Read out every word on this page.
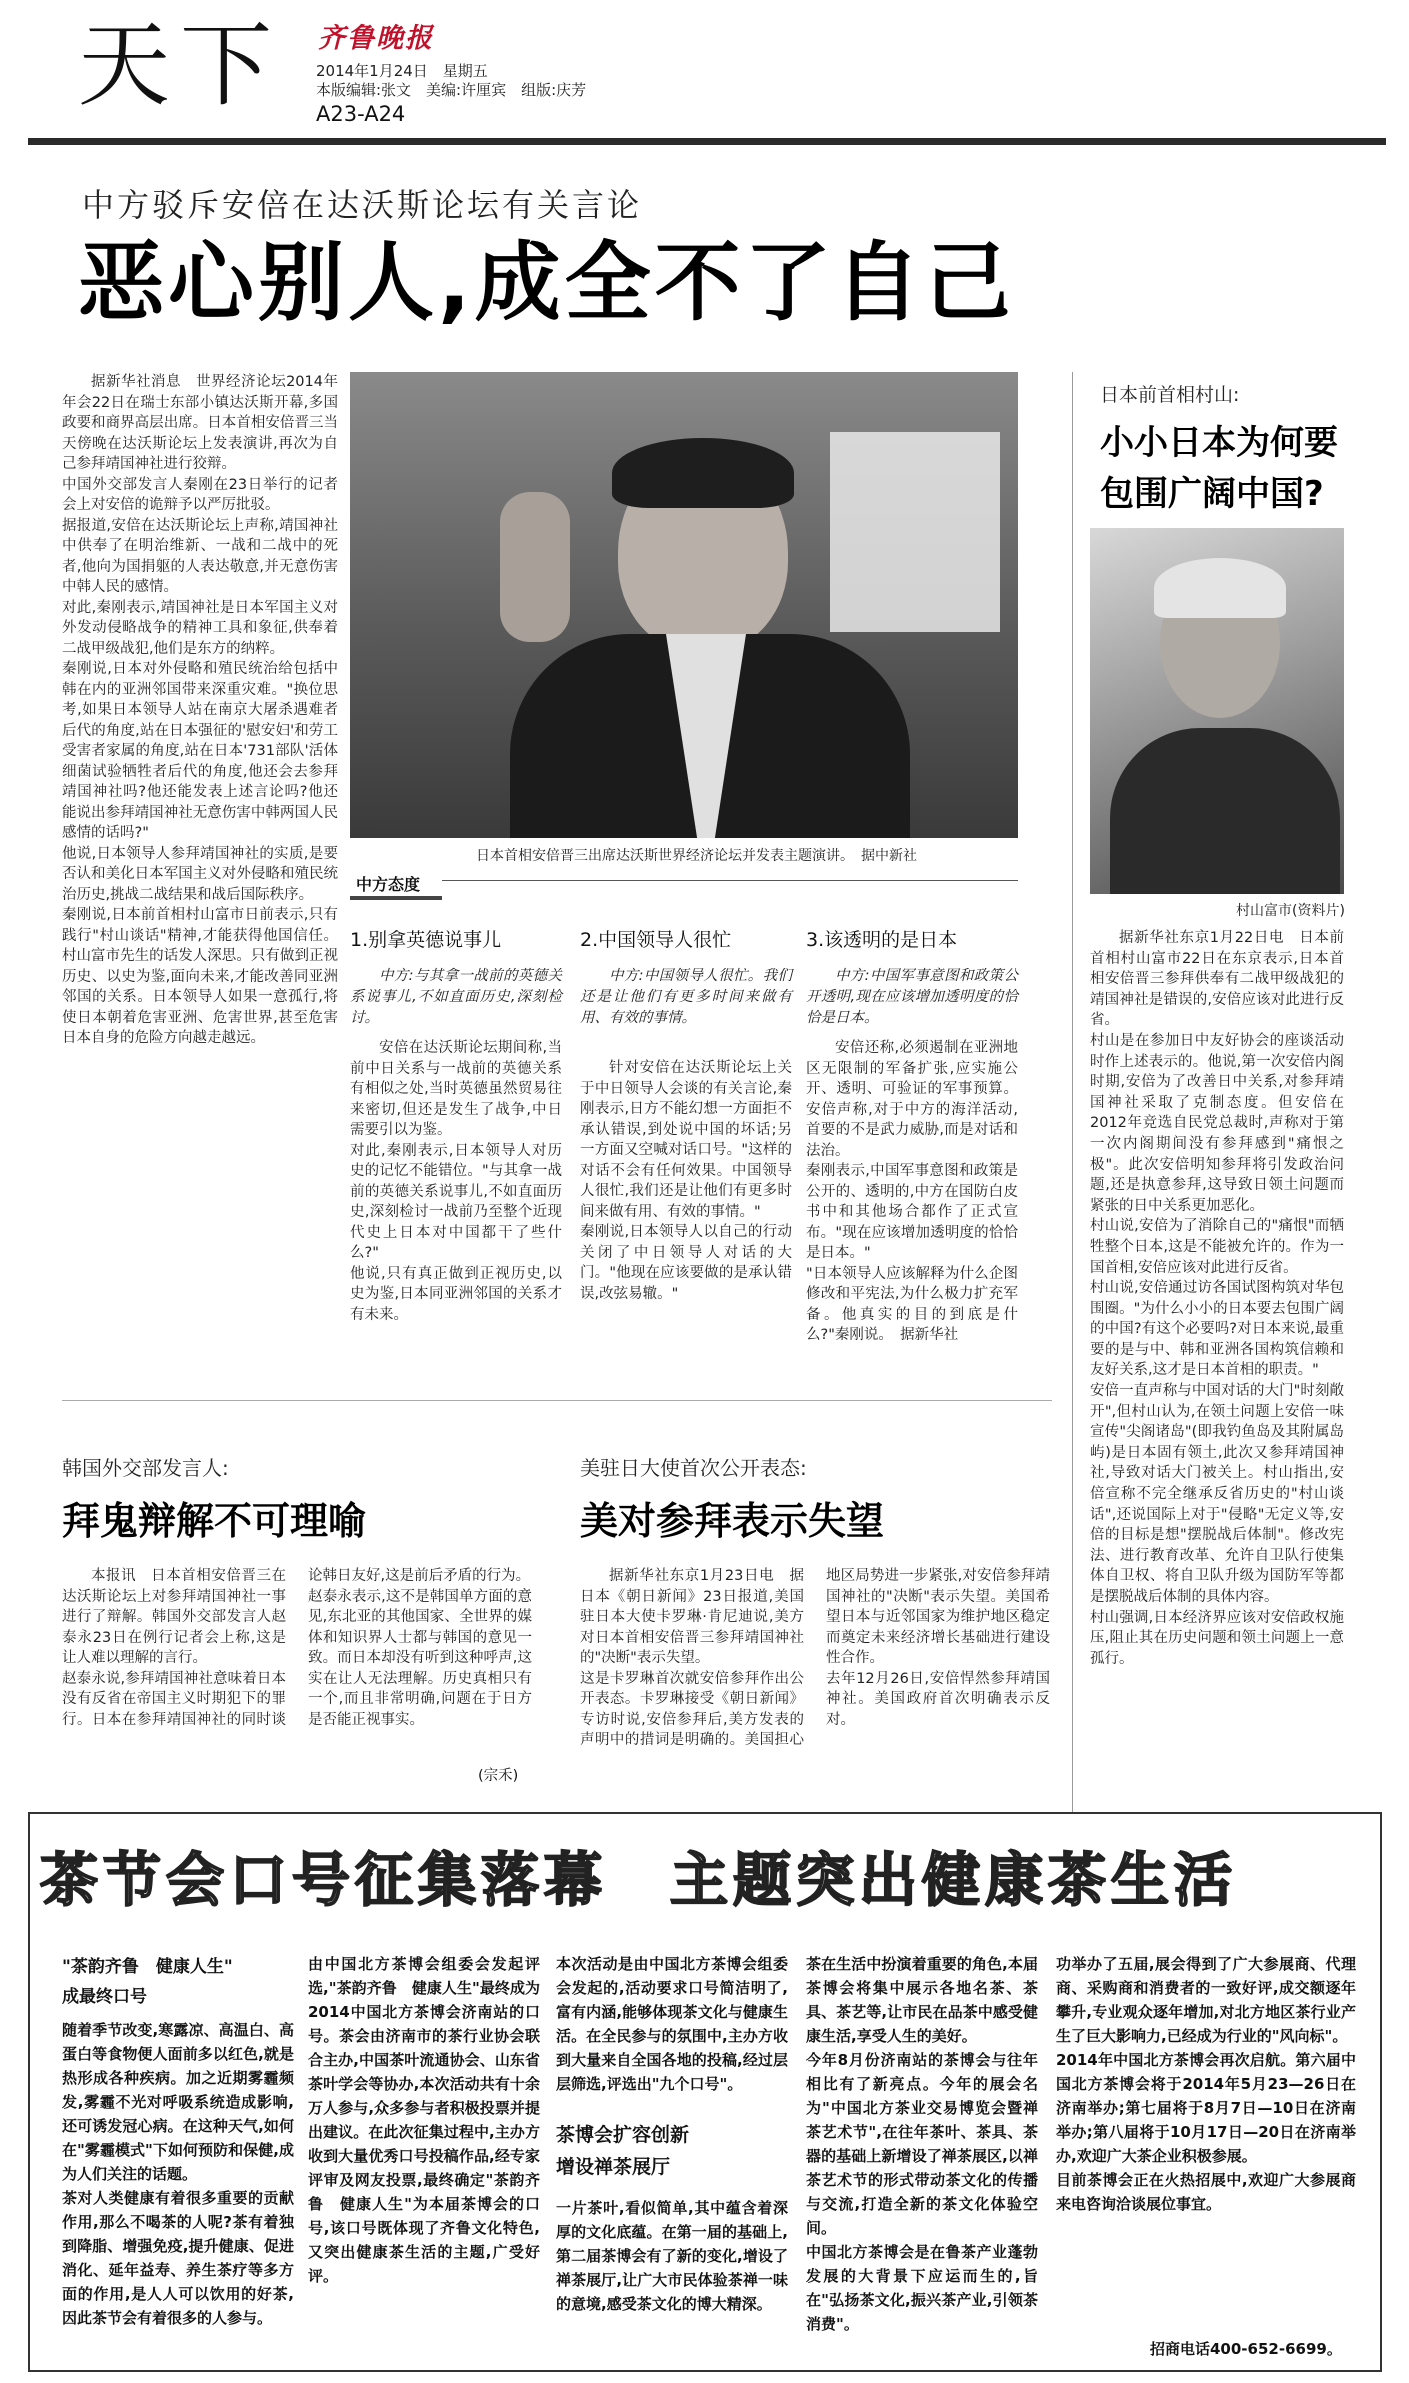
天下 齐鲁晚报
2014年1月24日　星期五
本版编辑:张文　美编:许厘宾　组版:庆芳
A23-A24
中方驳斥安倍在达沃斯论坛有关言论
恶心别人,成全不了自己

据新华社消息　世界经济论坛2014年年会22日在瑞士东部小镇达沃斯开幕,多国政要和商界高层出席。日本首相安倍晋三当天傍晚在达沃斯论坛上发表演讲,再次为自己参拜靖国神社进行狡辩。
中国外交部发言人秦刚在23日举行的记者会上对安倍的诡辩予以严厉批驳。
据报道,安倍在达沃斯论坛上声称,靖国神社中供奉了在明治维新、一战和二战中的死者,他向为国捐躯的人表达敬意,并无意伤害中韩人民的感情。
对此,秦刚表示,靖国神社是日本军国主义对外发动侵略战争的精神工具和象征,供奉着二战甲级战犯,他们是东方的纳粹。
秦刚说,日本对外侵略和殖民统治给包括中韩在内的亚洲邻国带来深重灾难。"换位思考,如果日本领导人站在南京大屠杀遇难者后代的角度,站在日本强征的'慰安妇'和劳工受害者家属的角度,站在日本'731部队'活体细菌试验牺牲者后代的角度,他还会去参拜靖国神社吗?他还能发表上述言论吗?他还能说出参拜靖国神社无意伤害中韩两国人民感情的话吗?"
他说,日本领导人参拜靖国神社的实质,是要否认和美化日本军国主义对外侵略和殖民统治历史,挑战二战结果和战后国际秩序。
秦刚说,日本前首相村山富市日前表示,只有践行"村山谈话"精神,才能获得他国信任。村山富市先生的话发人深思。只有做到正视历史、以史为鉴,面向未来,才能改善同亚洲邻国的关系。日本领导人如果一意孤行,将使日本朝着危害亚洲、危害世界,甚至危害日本自身的危险方向越走越远。

日本首相安倍晋三出席达沃斯世界经济论坛并发表主题演讲。　据中新社
中方态度
1.别拿英德说事儿

中方:与其拿一战前的英德关系说事儿,不如直面历史,深刻检讨。

安倍在达沃斯论坛期间称,当前中日关系与一战前的英德关系有相似之处,当时英德虽然贸易往来密切,但还是发生了战争,中日需要引以为鉴。
对此,秦刚表示,日本领导人对历史的记忆不能错位。"与其拿一战前的英德关系说事儿,不如直面历史,深刻检讨一战前乃至整个近现代史上日本对中国都干了些什么?"
他说,只有真正做到正视历史,以史为鉴,日本同亚洲邻国的关系才有未来。

2.中国领导人很忙

中方:中国领导人很忙。我们还是让他们有更多时间来做有用、有效的事情。

针对安倍在达沃斯论坛上关于中日领导人会谈的有关言论,秦刚表示,日方不能幻想一方面拒不承认错误,到处说中国的坏话;另一方面又空喊对话口号。"这样的对话不会有任何效果。中国领导人很忙,我们还是让他们有更多时间来做有用、有效的事情。"
秦刚说,日本领导人以自己的行动关闭了中日领导人对话的大门。"他现在应该要做的是承认错误,改弦易辙。"

3.该透明的是日本

中方:中国军事意图和政策公开透明,现在应该增加透明度的恰恰是日本。

安倍还称,必须遏制在亚洲地区无限制的军备扩张,应实施公开、透明、可验证的军事预算。安倍声称,对于中方的海洋活动,首要的不是武力威胁,而是对话和法治。
秦刚表示,中国军事意图和政策是公开的、透明的,中方在国防白皮书中和其他场合都作了正式宣布。"现在应该增加透明度的恰恰是日本。"
"日本领导人应该解释为什么企图修改和平宪法,为什么极力扩充军备。他真实的目的到底是什么?"秦刚说。　据新华社

日本前首相村山:
小小日本为何要
包围广阔中国?
村山富市(资料片)

据新华社东京1月22日电　日本前首相村山富市22日在东京表示,日本首相安倍晋三参拜供奉有二战甲级战犯的靖国神社是错误的,安倍应该对此进行反省。
村山是在参加日中友好协会的座谈活动时作上述表示的。他说,第一次安倍内阁时期,安倍为了改善日中关系,对参拜靖国神社采取了克制态度。但安倍在2012年竞选自民党总裁时,声称对于第一次内阁期间没有参拜感到"痛恨之极"。此次安倍明知参拜将引发政治问题,还是执意参拜,这导致日领土问题而紧张的日中关系更加恶化。
村山说,安倍为了消除自己的"痛恨"而牺牲整个日本,这是不能被允许的。作为一国首相,安倍应该对此进行反省。
村山说,安倍通过访各国试图构筑对华包围圈。"为什么小小的日本要去包围广阔的中国?有这个必要吗?对日本来说,最重要的是与中、韩和亚洲各国构筑信赖和友好关系,这才是日本首相的职责。"
安倍一直声称与中国对话的大门"时刻敞开",但村山认为,在领土问题上安倍一味宣传"尖阁诸岛"(即我钓鱼岛及其附属岛屿)是日本固有领土,此次又参拜靖国神社,导致对话大门被关上。村山指出,安倍宣称不完全继承反省历史的"村山谈话",还说国际上对于"侵略"无定义等,安倍的目标是想"摆脱战后体制"。修改宪法、进行教育改革、允许自卫队行使集体自卫权、将自卫队升级为国防军等都是摆脱战后体制的具体内容。
村山强调,日本经济界应该对安倍政权施压,阻止其在历史问题和领土问题上一意孤行。

韩国外交部发言人:
拜鬼辩解不可理喻

本报讯　日本首相安倍晋三在达沃斯论坛上对参拜靖国神社一事进行了辩解。韩国外交部发言人赵泰永23日在例行记者会上称,这是让人难以理解的言行。
赵泰永说,参拜靖国神社意味着日本没有反省在帝国主义时期犯下的罪行。日本在参拜靖国神社的同时谈论韩日友好,这是前后矛盾的行为。
赵泰永表示,这不是韩国单方面的意见,东北亚的其他国家、全世界的媒体和知识界人士都与韩国的意见一致。而日本却没有听到这种呼声,这实在让人无法理解。历史真相只有一个,而且非常明确,问题在于日方是否能正视事实。

(宗禾)
美驻日大使首次公开表态:
美对参拜表示失望

据新华社东京1月23日电　据日本《朝日新闻》23日报道,美国驻日本大使卡罗琳·肯尼迪说,美方对日本首相安倍晋三参拜靖国神社的"决断"表示失望。
这是卡罗琳首次就安倍参拜作出公开表态。卡罗琳接受《朝日新闻》专访时说,安倍参拜后,美方发表的声明中的措词是明确的。美国担心地区局势进一步紧张,对安倍参拜靖国神社的"决断"表示失望。美国希望日本与近邻国家为维护地区稳定而奠定未来经济增长基础进行建设性合作。
去年12月26日,安倍悍然参拜靖国神社。美国政府首次明确表示反对。

茶节会口号征集落幕　主题突出健康茶生活
"茶韵齐鲁　健康人生"
成最终口号

随着季节改变,寒露凉、高温白、高蛋白等食物便人面前多以红色,就是热形成各种疾病。加之近期雾霾频发,雾霾不光对呼吸系统造成影响,还可诱发冠心病。在这种天气,如何在"雾霾模式"下如何预防和保健,成为人们关注的话题。
茶对人类健康有着很多重要的贡献作用,那么不喝茶的人呢?茶有着独到降脂、增强免疫,提升健康、促进消化、延年益寿、养生茶疗等多方面的作用,是人人可以饮用的好茶,因此茶节会有着很多的人参与。

由中国北方茶博会组委会发起评选,"茶韵齐鲁　健康人生"最终成为2014中国北方茶博会济南站的口号。茶会由济南市的茶行业协会联合主办,中国茶叶流通协会、山东省茶叶学会等协办,本次活动共有十余万人参与,众多参与者积极投票并提出建议。在此次征集过程中,主办方收到大量优秀口号投稿作品,经专家评审及网友投票,最终确定"茶韵齐鲁　健康人生"为本届茶博会的口号,该口号既体现了齐鲁文化特色,又突出健康茶生活的主题,广受好评。

本次活动是由中国北方茶博会组委会发起的,活动要求口号简洁明了,富有内涵,能够体现茶文化与健康生活。在全民参与的氛围中,主办方收到大量来自全国各地的投稿,经过层层筛选,评选出"九个口号"。

茶博会扩容创新
增设禅茶展厅

一片茶叶,看似简单,其中蕴含着深厚的文化底蕴。在第一届的基础上,第二届茶博会有了新的变化,增设了禅茶展厅,让广大市民体验茶禅一味的意境,感受茶文化的博大精深。

茶在生活中扮演着重要的角色,本届茶博会将集中展示各地名茶、茶具、茶艺等,让市民在品茶中感受健康生活,享受人生的美好。
今年8月份济南站的茶博会与往年相比有了新亮点。今年的展会名为"中国北方茶业交易博览会暨禅茶艺术节",在往年茶叶、茶具、茶器的基础上新增设了禅茶展区,以禅茶艺术节的形式带动茶文化的传播与交流,打造全新的茶文化体验空间。
中国北方茶博会是在鲁茶产业蓬勃发展的大背景下应运而生的,旨在"弘扬茶文化,振兴茶产业,引领茶消费"。

功举办了五届,展会得到了广大参展商、代理商、采购商和消费者的一致好评,成交额逐年攀升,专业观众逐年增加,对北方地区茶行业产生了巨大影响力,已经成为行业的"风向标"。
2014年中国北方茶博会再次启航。第六届中国北方茶博会将于2014年5月23—26日在济南举办;第七届将于8月7日—10日在济南举办;第八届将于10月17日—20日在济南举办,欢迎广大茶企业积极参展。
目前茶博会正在火热招展中,欢迎广大参展商来电咨询洽谈展位事宜。

招商电话400-652-6699。
